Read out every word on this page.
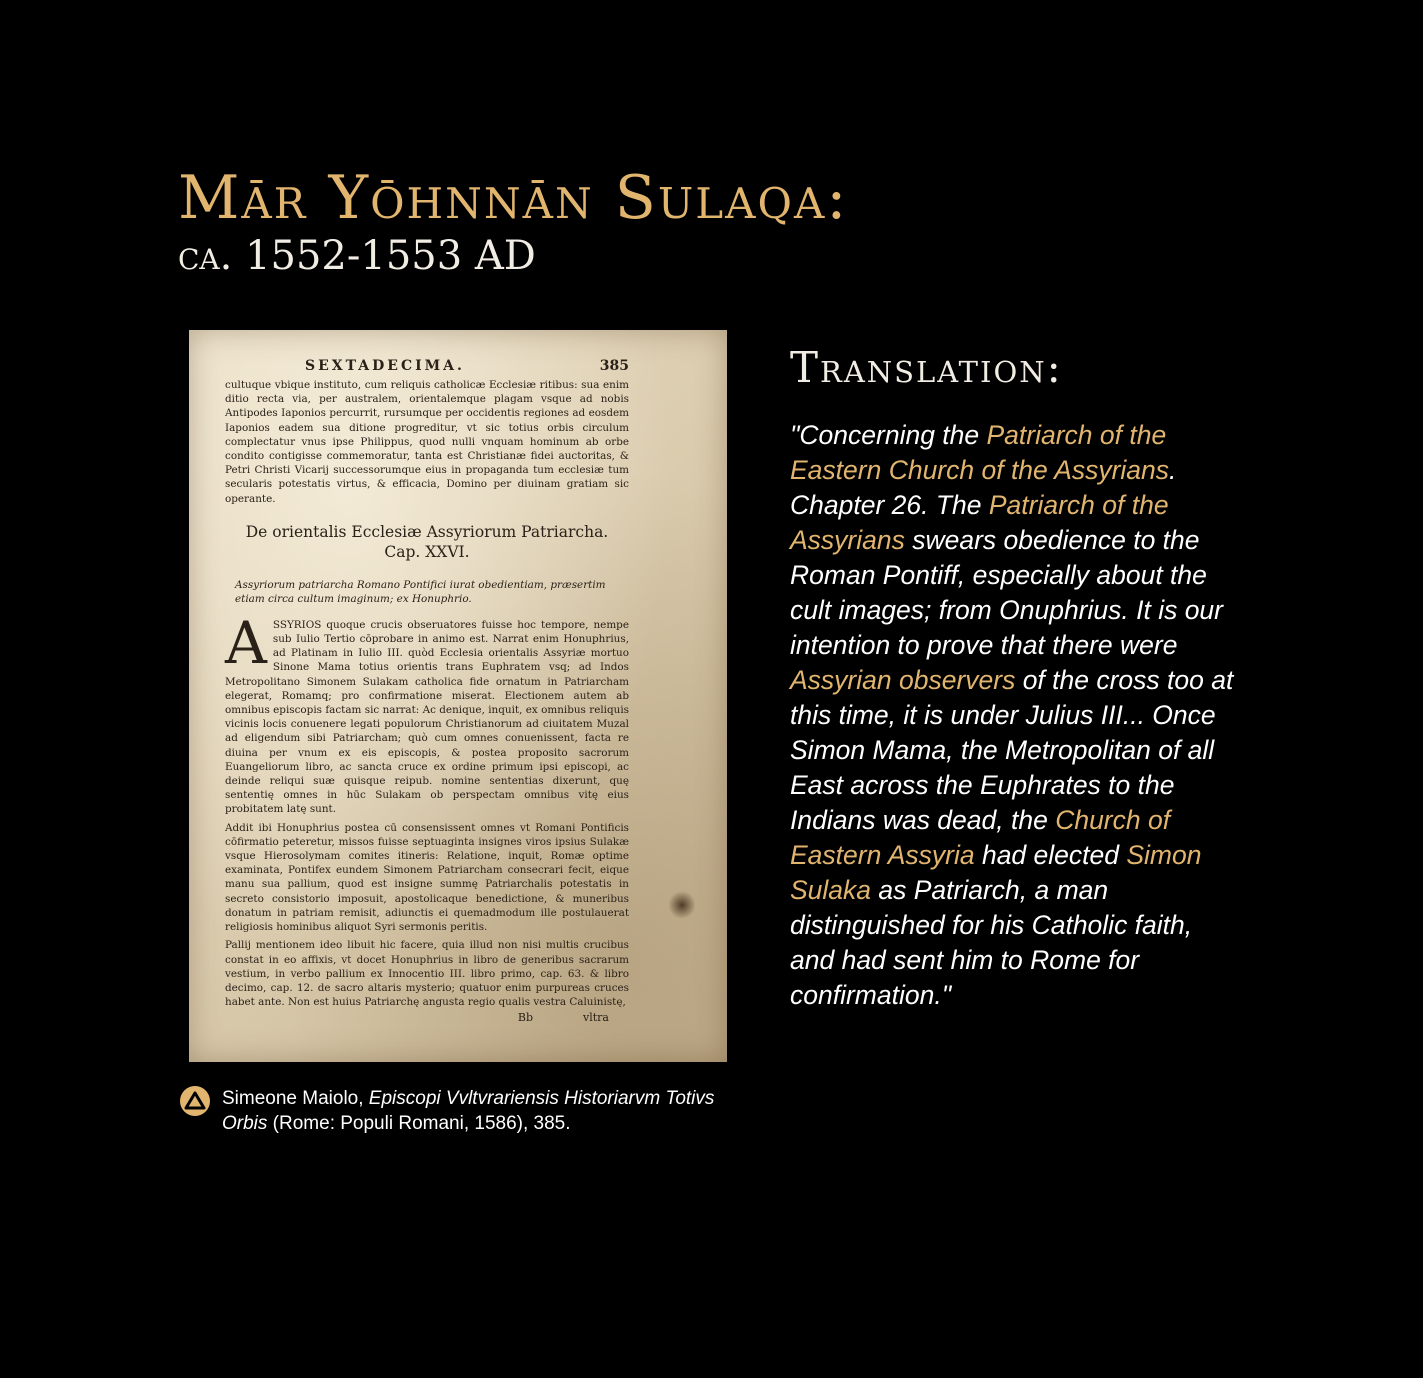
Mār Yōhnnān Sulaqa:
ca. 1552-1553 AD
SEXTADECIMA.	385

cultuque vbique instituto, cum reliquis catholicæ Ecclesiæ ritibus: sua enim ditio recta via, per australem, orientalemque plagam vsque ad nobis Antipodes Iaponios percurrit, rursumque per occidentis regiones ad eosdem Iaponios eadem sua ditione progreditur, vt sic totius orbis circulum complectatur vnus ipse Philippus, quod nulli vnquam hominum ab orbe condito contigisse commemoratur, tanta est Christianæ fidei auctoritas, & Petri Christi Vicarij successorumque eius in propaganda tum ecclesiæ tum secularis potestatis virtus, & efficacia, Domino per diuinam gratiam sic operante.

De orientalis Ecclesiæ Assyriorum Patriarcha.
Cap. XXVI.

Assyriorum patriarcha Romano Pontifici iurat obedientiam, præsertim etiam circa cultum imaginum; ex Honuphrio.

ASSYRIOS quoque crucis obseruatores fuisse hoc tempore, nempe sub Iulio Tertio cōprobare in animo est. Narrat enim Honuphrius, ad Platinam in Iulio III. quòd Ecclesia orientalis Assyriæ mortuo Sinone Mama totius orientis trans Euphratem vsq; ad Indos Metropolitano Simonem Sulakam catholica fide ornatum in Patriarcham elegerat, Romamq; pro confirmatione miserat. Electionem autem ab omnibus episcopis factam sic narrat: Ac denique, inquit, ex omnibus reliquis vicinis locis conuenere legati populorum Christianorum ad ciuitatem Muzal ad eligendum sibi Patriarcham; quò cum omnes conuenissent, facta re diuina per vnum ex eis episcopis, & postea proposito sacrorum Euangeliorum libro, ac sancta cruce ex ordine primum ipsi episcopi, ac deinde reliqui suæ quisque reipub. nomine sententias dixerunt, quę sententię omnes in hūc Sulakam ob perspectam omnibus vitę eius probitatem latę sunt.

Addit ibi Honuphrius postea cū consensissent omnes vt Romani Pontificis cōfirmatio peteretur, missos fuisse septuaginta insignes viros ipsius Sulakæ vsque Hierosolymam comites itineris: Relatione, inquit, Romæ optime examinata, Pontifex eundem Simonem Patriarcham consecrari fecit, eique manu sua pallium, quod est insigne summę Patriarchalis potestatis in secreto consistorio imposuit, apostolicaque benedictione, & muneribus donatum in patriam remisit, adiunctis ei quemadmodum ille postulauerat religiosis hominibus aliquot Syri sermonis peritis.

Pallij mentionem ideo libuit hic facere, quia illud non nisi multis crucibus constat in eo affixis, vt docet Honuphrius in libro de generibus sacrarum vestium, in verbo pallium ex Innocentio III. libro primo, cap. 63. & libro decimo, cap. 12. de sacro altaris mysterio; quatuor enim purpureas cruces habet ante. Non est huius Patriarchę angusta regio qualis vestra Caluinistę,

Bb	vltra
Simeone Maiolo, Episcopi Vvltvrariensis Historiarvm Totivs Orbis (Rome: Populi Romani, 1586), 385.
Translation:

"Concerning the Patriarch of the Eastern Church of the Assyrians. Chapter 26. The Patriarch of the Assyrians swears obedience to the Roman Pontiff, especially about the cult images; from Onuphrius. It is our intention to prove that there were Assyrian observers of the cross too at this time, it is under Julius III... Once Simon Mama, the Metropolitan of all East across the Euphrates to the Indians was dead, the Church of Eastern Assyria had elected Simon Sulaka as Patriarch, a man distinguished for his Catholic faith, and had sent him to Rome for confirmation."
